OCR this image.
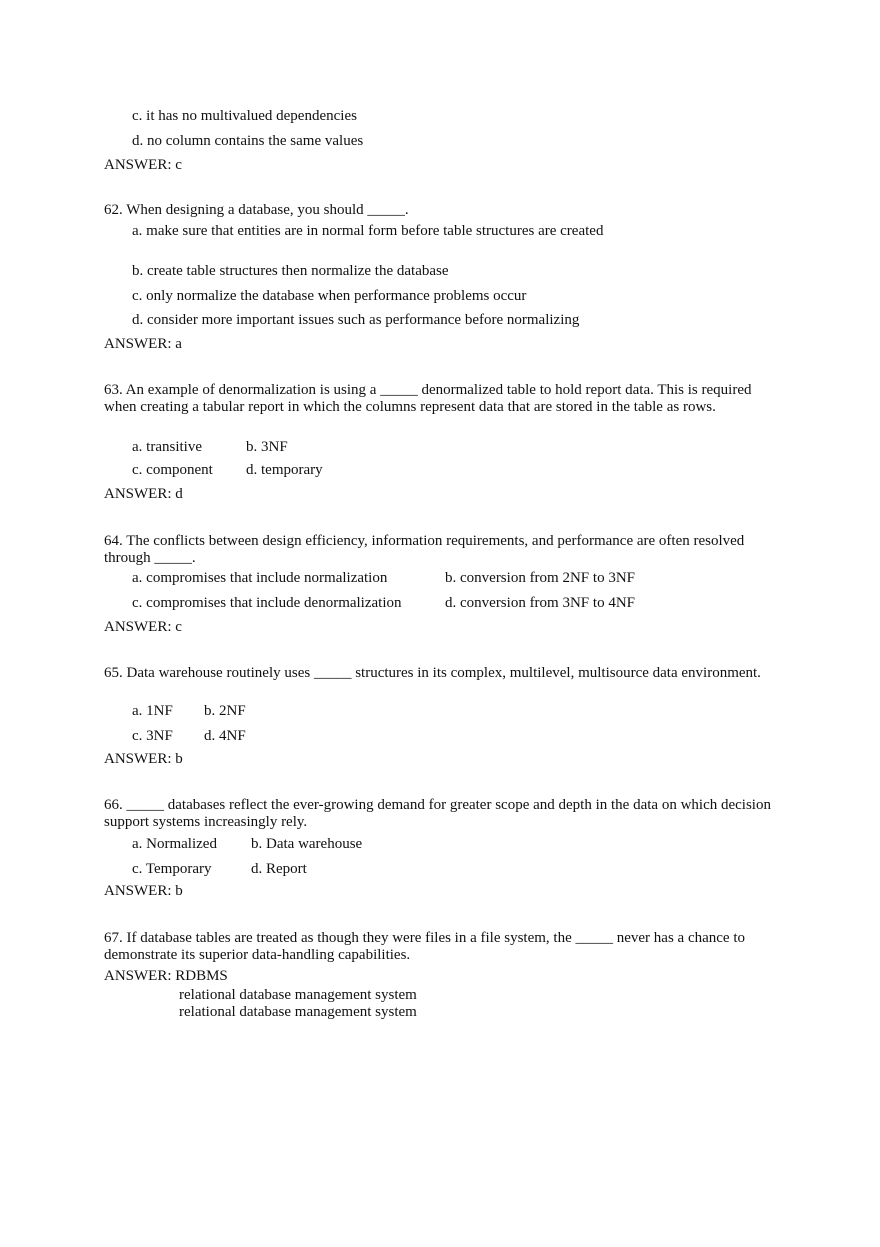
c. it has no multivalued dependencies
d. no column contains the same values
ANSWER: c
62. When designing a database, you should _____.
a. make sure that entities are in normal form before table structures are created
b. create table structures then normalize the database
c. only normalize the database when performance problems occur
d. consider more important issues such as performance before normalizing
ANSWER: a
63. An example of denormalization is using a _____ denormalized table to hold report data. This is required when creating a tabular report in which the columns represent data that are stored in the table as rows.
a. transitive	b. 3NF
c. component d. temporary
ANSWER: d
64. The conflicts between design efficiency, information requirements, and performance are often resolved through _____.
a. compromises that include normalization	b. conversion from 2NF to 3NF
c. compromises that include denormalization	d. conversion from 3NF to 4NF
ANSWER: c
65. Data warehouse routinely uses _____ structures in its complex, multilevel, multisource data environment.
a. 1NF b. 2NF
c. 3NF d. 4NF
ANSWER: b
66. _____ databases reflect the ever-growing demand for greater scope and depth in the data on which decision support systems increasingly rely.
a. Normalized b. Data warehouse
c. Temporary	d. Report
ANSWER: b
67. If database tables are treated as though they were files in a file system, the _____ never has a chance to demonstrate its superior data-handling capabilities.
ANSWER: RDBMS
relational database management system
relational database management system
